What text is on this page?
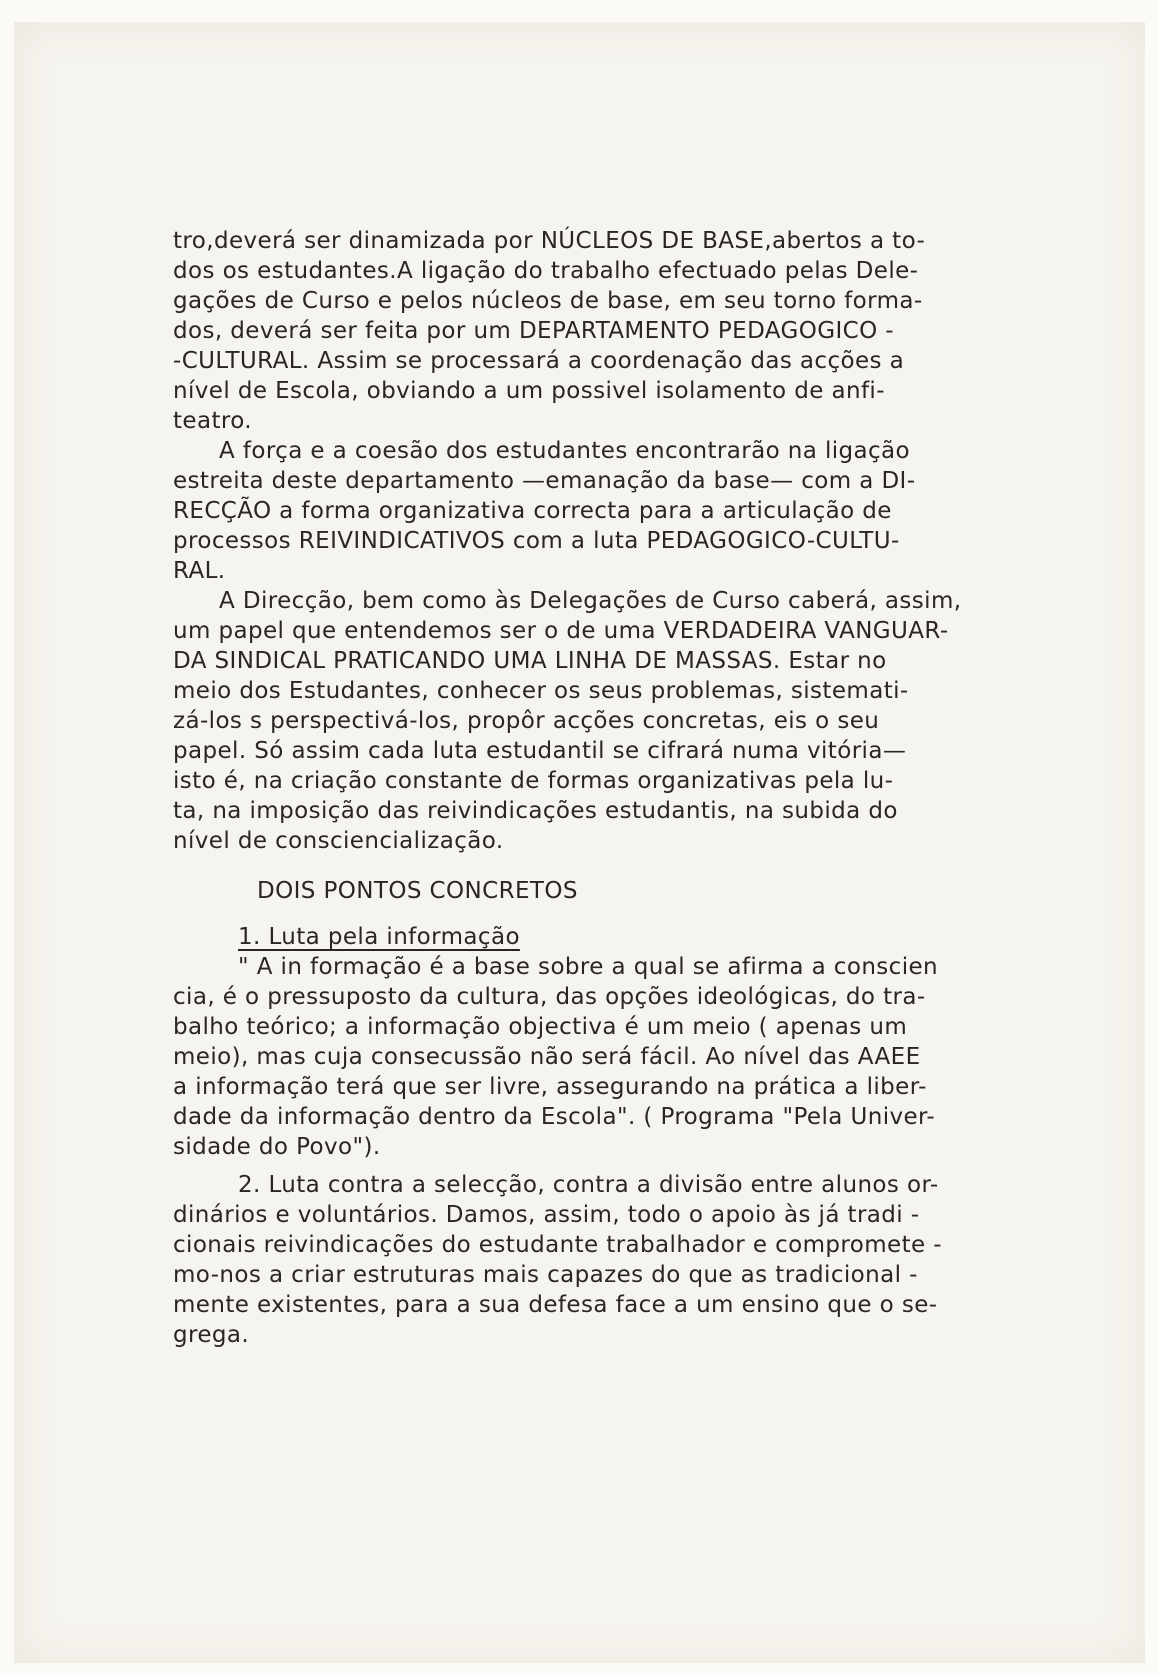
tro,deverá ser dinamizada por NÚCLEOS DE BASE,abertos a to-
dos os estudantes.A ligação do trabalho efectuado pelas Dele-
gações de Curso e pelos núcleos de base, em seu torno forma-
dos, deverá ser feita por um DEPARTAMENTO PEDAGOGICO -
-CULTURAL. Assim se processará a coordenação das acções a
nível de Escola, obviando a um possivel isolamento de anfi-
teatro.
A força e a coesão dos estudantes encontrarão na ligação
estreita deste departamento —emanação da base— com a DI-
RECÇÃO a forma organizativa correcta para a articulação de
processos REIVINDICATIVOS com a luta PEDAGOGICO-CULTU-
RAL.
A Direcção, bem como às Delegações de Curso caberá, assim,
um papel que entendemos ser o de uma VERDADEIRA VANGUAR-
DA SINDICAL PRATICANDO UMA LINHA DE MASSAS. Estar no
meio dos Estudantes, conhecer os seus problemas, sistemati-
zá-los s perspectivá-los, propôr acções concretas, eis o seu
papel. Só assim cada luta estudantil se cifrará numa vitória—
isto é, na criação constante de formas organizativas pela lu-
ta, na imposição das reivindicações estudantis, na subida do
nível de consciencialização.
DOIS PONTOS CONCRETOS
1. Luta pela informação
" A in formação é a base sobre a qual se afirma a conscien
cia, é o pressuposto da cultura, das opções ideológicas, do tra-
balho teórico; a informação objectiva é um meio ( apenas um
meio), mas cuja consecussão não será fácil. Ao nível das AAEE
a informação terá que ser livre, assegurando na prática a liber-
dade da informação dentro da Escola". ( Programa "Pela Univer-
sidade do Povo").
2. Luta contra a selecção, contra a divisão entre alunos or-
dinários e voluntários. Damos, assim, todo o apoio às já tradi -
cionais reivindicações do estudante trabalhador e compromete -
mo-nos a criar estruturas mais capazes do que as tradicional -
mente existentes, para a sua defesa face a um ensino que o se-
grega.
